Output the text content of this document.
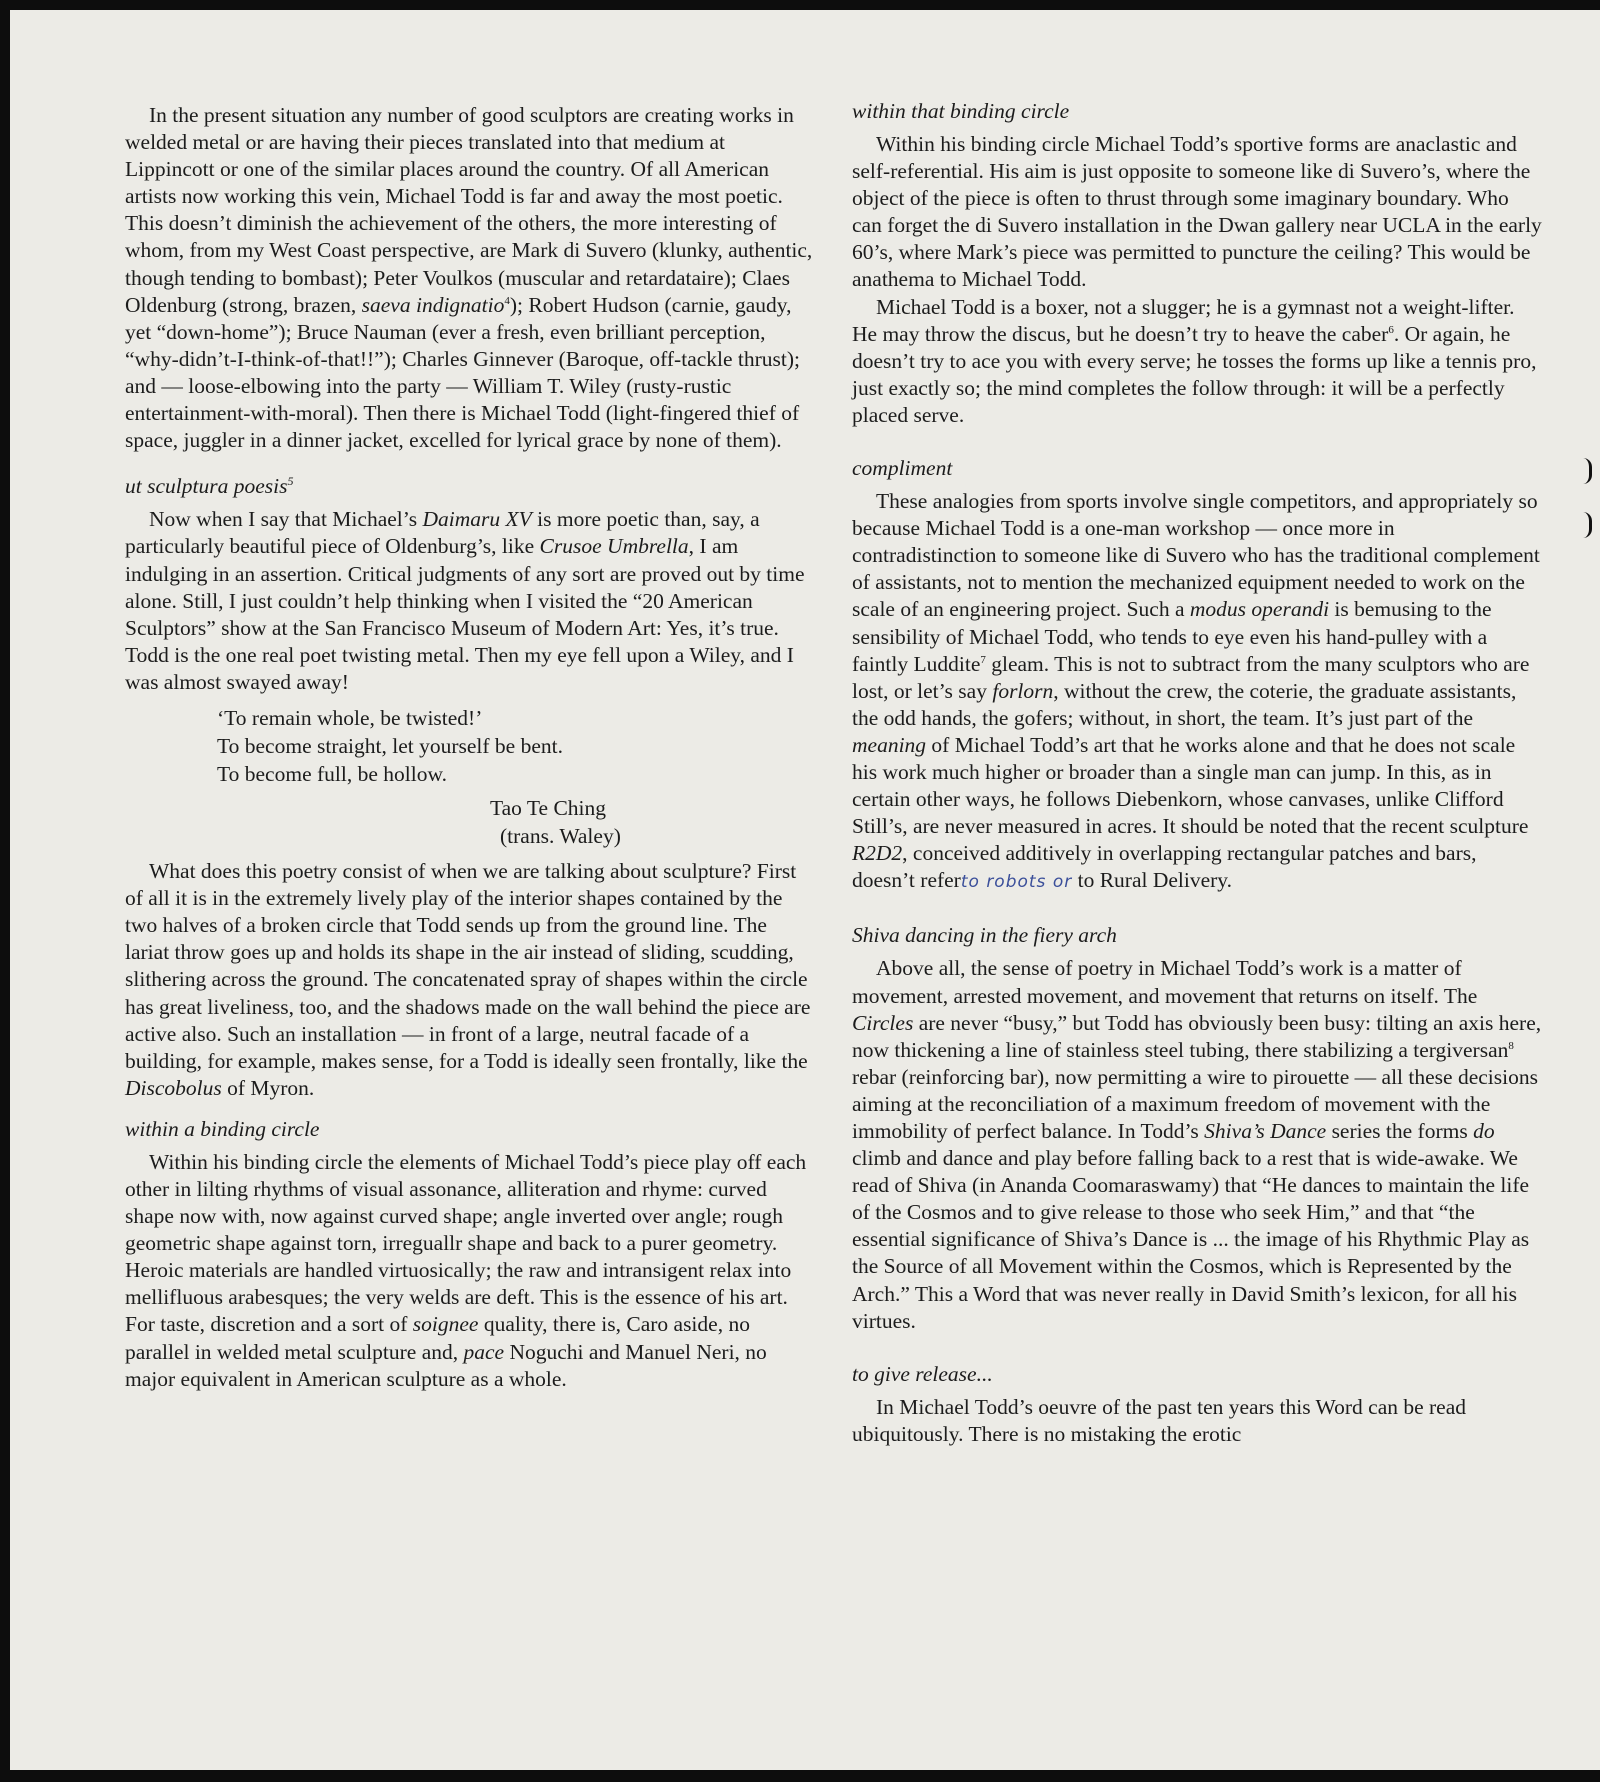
In the present situation any number of good sculptors are creating works in welded metal or are having their pieces translated into that medium at Lippincott or one of the similar places around the country. Of all American artists now working this vein, Michael Todd is far and away the most poetic. This doesn’t diminish the achievement of the others, the more interesting of whom, from my West Coast perspective, are Mark di Suvero (klunky, authentic, though tending to bombast); Peter Voulkos (muscular and retardataire); Claes Oldenburg (strong, brazen, saeva indignatio$^4$); Robert Hudson (carnie, gaudy, yet “down-home”); Bruce Nauman (ever a fresh, even brilliant perception, “why-didn’t-I-think-of-that!!”); Charles Ginnever (Baroque, off-tackle thrust); and — loose-elbowing into the party — William T. Wiley (rusty-rustic entertainment-with-moral). Then there is Michael Todd (light-fingered thief of space, juggler in a dinner jacket, excelled for lyrical grace by none of them).

ut sculptura poesis$^5$

Now when I say that Michael’s Daimaru XV is more poetic than, say, a particularly beautiful piece of Oldenburg’s, like Crusoe Umbrella, I am indulging in an assertion. Critical judgments of any sort are proved out by time alone. Still, I just couldn’t help thinking when I visited the “20 American Sculptors” show at the San Francisco Museum of Modern Art: Yes, it’s true. Todd is the one real poet twisting metal. Then my eye fell upon a Wiley, and I was almost swayed away!

‘To remain whole, be twisted!’
To become straight, let yourself be bent.
To become full, be hollow.
Tao Te Ching
(trans. Waley)

What does this poetry consist of when we are talking about sculpture? First of all it is in the extremely lively play of the interior shapes contained by the two halves of a broken circle that Todd sends up from the ground line. The lariat throw goes up and holds its shape in the air instead of sliding, scudding, slithering across the ground. The concatenated spray of shapes within the circle has great liveliness, too, and the shadows made on the wall behind the piece are active also. Such an installation — in front of a large, neutral facade of a building, for example, makes sense, for a Todd is ideally seen frontally, like the Discobolus of Myron.

within a binding circle

Within his binding circle the elements of Michael Todd’s piece play off each other in lilting rhythms of visual assonance, alliteration and rhyme: curved shape now with, now against curved shape; angle inverted over angle; rough geometric shape against torn, irreguallr shape and back to a purer geometry. Heroic materials are handled virtuosically; the raw and intransigent relax into mellifluous arabesques; the very welds are deft. This is the essence of his art. For taste, discretion and a sort of soignee quality, there is, Caro aside, no parallel in welded metal sculpture and, pace Noguchi and Manuel Neri, no major equivalent in American sculpture as a whole.

within that binding circle

Within his binding circle Michael Todd’s sportive forms are anaclastic and self-referential. His aim is just opposite to someone like di Suvero’s, where the object of the piece is often to thrust through some imaginary boundary. Who can forget the di Suvero installation in the Dwan gallery near UCLA in the early 60’s, where Mark’s piece was permitted to puncture the ceiling? This would be anathema to Michael Todd.

Michael Todd is a boxer, not a slugger; he is a gymnast not a weight-lifter. He may throw the discus, but he doesn’t try to heave the caber$^6$. Or again, he doesn’t try to ace you with every serve; he tosses the forms up like a tennis pro, just exactly so; the mind completes the follow through: it will be a perfectly placed serve.

compliment

These analogies from sports involve single competitors, and appropriately so because Michael Todd is a one-man workshop — once more in contradistinction to someone like di Suvero who has the traditional complement of assistants, not to mention the mechanized equipment needed to work on the scale of an engineering project. Such a modus operandi is bemusing to the sensibility of Michael Todd, who tends to eye even his hand-pulley with a faintly Luddite$^7$ gleam. This is not to subtract from the many sculptors who are lost, or let’s say forlorn, without the crew, the coterie, the graduate assistants, the odd hands, the gofers; without, in short, the team. It’s just part of the meaning of Michael Todd’s art that he works alone and that he does not scale his work much higher or broader than a single man can jump. In this, as in certain other ways, he follows Diebenkorn, whose canvases, unlike Clifford Still’s, are never measured in acres. It should be noted that the recent sculpture R2D2, conceived additively in overlapping rectangular patches and bars, doesn’t referto robots or to Rural Delivery.

Shiva dancing in the fiery arch

Above all, the sense of poetry in Michael Todd’s work is a matter of movement, arrested movement, and movement that returns on itself. The Circles are never “busy,” but Todd has obviously been busy: tilting an axis here, now thickening a line of stainless steel tubing, there stabilizing a tergiversan$^8$ rebar (reinforcing bar), now permitting a wire to pirouette — all these decisions aiming at the reconciliation of a maximum freedom of movement with the immobility of perfect balance. In Todd’s Shiva’s Dance series the forms do climb and dance and play before falling back to a rest that is wide-awake. We read of Shiva (in Ananda Coomaraswamy) that “He dances to maintain the life of the Cosmos and to give release to those who seek Him,” and that “the essential significance of Shiva’s Dance is ... the image of his Rhythmic Play as the Source of all Movement within the Cosmos, which is Represented by the Arch.” This a Word that was never really in David Smith’s lexicon, for all his virtues.

to give release...

In Michael Todd’s oeuvre of the past ten years this Word can be read ubiquitously. There is no mistaking the erotic
